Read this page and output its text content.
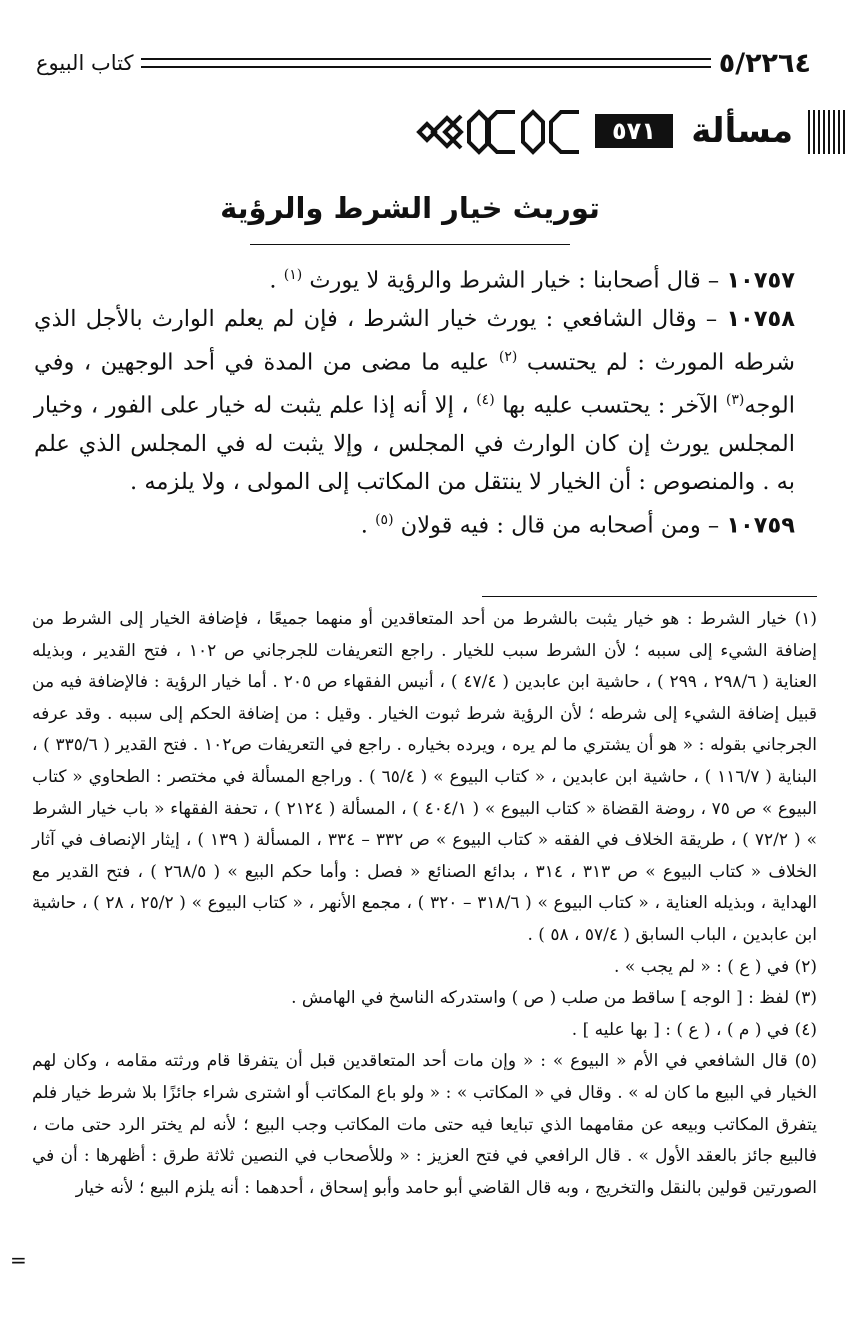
٥/٢٢٦٤
كتاب البيوع
مسألة
٥٧١
توريث خيار الشرط والرؤية

١٠٧٥٧ – قال أصحابنا : خيار الشرط والرؤية لا يورث $^{(١)}$ .

١٠٧٥٨ – وقال الشافعي : يورث خيار الشرط ، فإن لم يعلم الوارث بالأجل الذي شرطه المورث : لم يحتسب $^{(٢)}$ عليه ما مضى من المدة في أحد الوجهين ، وفي الوجه$^{(٣)}$ الآخر : يحتسب عليه بها $^{(٤)}$ ، إلا أنه إذا علم يثبت له خيار على الفور ، وخيار المجلس يورث إن كان الوارث في المجلس ، وإلا يثبت له في المجلس الذي علم به . والمنصوص : أن الخيار لا ينتقل من المكاتب إلى المولى ، ولا يلزمه .

١٠٧٥٩ – ومن أصحابه من قال : فيه قولان $^{(٥)}$ .

(١) خيار الشرط : هو خيار يثبت بالشرط من أحد المتعاقدين أو منهما جميعًا ، فإضافة الخيار إلى الشرط من إضافة الشيء إلى سببه ؛ لأن الشرط سبب للخيار . راجع التعريفات للجرجاني ص ١٠٢ ، فتح القدير ، وبذيله العناية ( ٢٩٨/٦ ، ٢٩٩ ) ، حاشية ابن عابدين ( ٤٧/٤ ) ، أنيس الفقهاء ص ٢٠٥ . أما خيار الرؤية : فالإضافة فيه من قبيل إضافة الشيء إلى شرطه ؛ لأن الرؤية شرط ثبوت الخيار . وقيل : من إضافة الحكم إلى سببه . وقد عرفه الجرجاني بقوله : « هو أن يشتري ما لم يره ، ويرده بخياره . راجع في التعريفات ص١٠٢ . فتح القدير ( ٣٣٥/٦ ) ، البناية ( ١١٦/٧ ) ، حاشية ابن عابدين ، « كتاب البيوع » ( ٦٥/٤ ) . وراجع المسألة في مختصر : الطحاوي « كتاب البيوع » ص ٧٥ ، روضة القضاة « كتاب البيوع » ( ٤٠٤/١ ) ، المسألة ( ٢١٢٤ ) ، تحفة الفقهاء « باب خيار الشرط » ( ٧٢/٢ ) ، طريقة الخلاف في الفقه « كتاب البيوع » ص ٣٣٢ – ٣٣٤ ، المسألة ( ١٣٩ ) ، إيثار الإنصاف في آثار الخلاف « كتاب البيوع » ص ٣١٣ ، ٣١٤ ، بدائع الصنائع « فصل : وأما حكم البيع » ( ٢٦٨/٥ ) ، فتح القدير مع الهداية ، وبذيله العناية ، « كتاب البيوع » ( ٣١٨/٦ – ٣٢٠ ) ، مجمع الأنهر ، « كتاب البيوع » ( ٢٥/٢ ، ٢٨ ) ، حاشية ابن عابدين ، الباب السابق ( ٥٧/٤ ، ٥٨ ) .

(٢) في ( ع ) : « لم يجب » .

(٣) لفظ : [ الوجه ] ساقط من صلب ( ص ) واستدركه الناسخ في الهامش .

(٤) في ( م ) ، ( ع ) : [ بها عليه ] .

(٥) قال الشافعي في الأم « البيوع » : « وإن مات أحد المتعاقدين قبل أن يتفرقا قام ورثته مقامه ، وكان لهم الخيار في البيع ما كان له » . وقال في « المكاتب » : « ولو باع المكاتب أو اشترى شراء جائزًا بلا شرط خيار فلم يتفرق المكاتب وبيعه عن مقامهما الذي تبايعا فيه حتى مات المكاتب وجب البيع ؛ لأنه لم يختر الرد حتى مات ، فالبيع جائز بالعقد الأول » . قال الرافعي في فتح العزيز : « وللأصحاب في النصين ثلاثة طرق : أظهرها : أن في الصورتين قولين بالنقل والتخريج ، وبه قال القاضي أبو حامد وأبو إسحاق ، أحدهما : أنه يلزم البيع ؛ لأنه خيار

=
